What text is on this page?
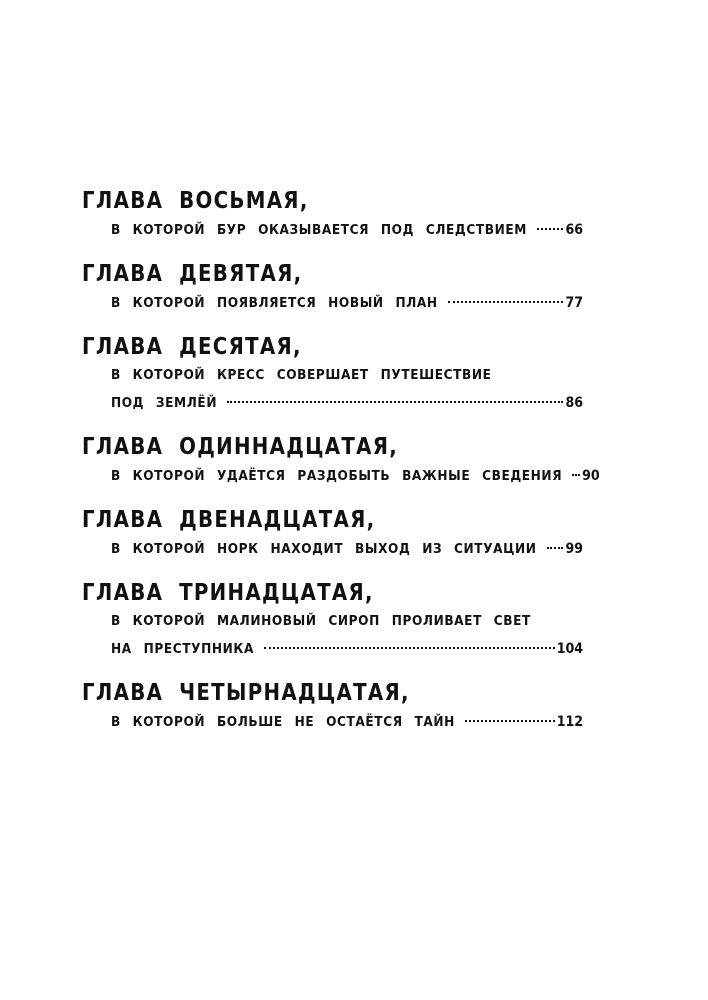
ГЛАВА ВОСЬМАЯ,
В КОТОРОЙ БУР ОКАЗЫВАЕТСЯ ПОД СЛЕДСТВИЕМ	66
ГЛАВА ДЕВЯТАЯ,
В КОТОРОЙ ПОЯВЛЯЕТСЯ НОВЫЙ ПЛАН	77
ГЛАВА ДЕСЯТАЯ,
В КОТОРОЙ КРЕСС СОВЕРШАЕТ ПУТЕШЕСТВИЕ
ПОД ЗЕМЛЁЙ	86
ГЛАВА ОДИННАДЦАТАЯ,
В КОТОРОЙ УДАЁТСЯ РАЗДОБЫТЬ ВАЖНЫЕ СВЕДЕНИЯ 90
ГЛАВА ДВЕНАДЦАТАЯ,
В КОТОРОЙ НОРК НАХОДИТ ВЫХОД ИЗ СИТУАЦИИ 99
ГЛАВА ТРИНАДЦАТАЯ,
В КОТОРОЙ МАЛИНОВЫЙ СИРОП ПРОЛИВАЕТ СВЕТ
НА ПРЕСТУПНИКА	104
ГЛАВА ЧЕТЫРНАДЦАТАЯ,
В КОТОРОЙ БОЛЬШЕ НЕ ОСТАЁТСЯ ТАЙН	112
